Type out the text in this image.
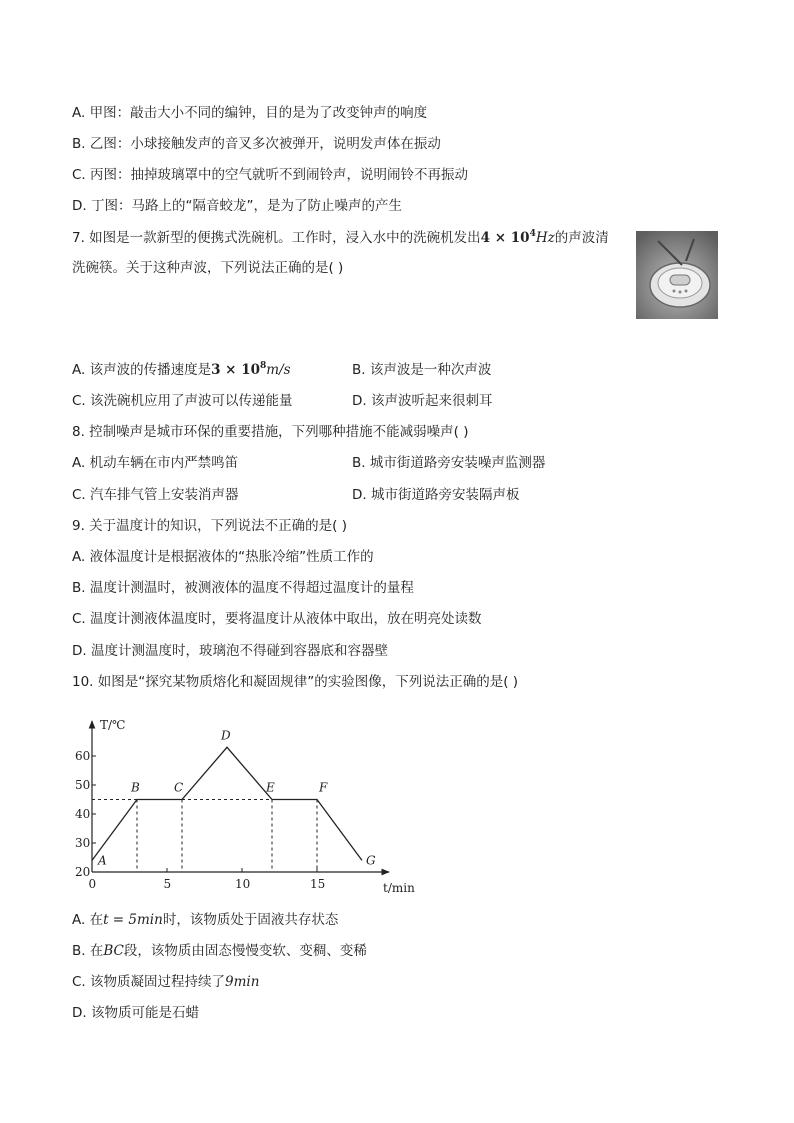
A. 甲图：敲击大小不同的编钟，目的是为了改变钟声的响度
B. 乙图：小球接触发声的音叉多次被弹开，说明发声体在振动
C. 丙图：抽掉玻璃罩中的空气就听不到闹铃声，说明闹铃不再振动
D. 丁图：马路上的“隔音蛟龙”，是为了防止噪声的产生
7. 如图是一款新型的便携式洗碗机。工作时，浸入水中的洗碗机发出$4 \times 10^4Hz$的声波清
洗碗筷。关于这种声波，下列说法正确的是( )
A. 该声波的传播速度是$3 \times 10^8m/s$	B. 该声波是一种次声波
C. 该洗碗机应用了声波可以传递能量	D. 该声波听起来很刺耳
8. 控制噪声是城市环保的重要措施，下列哪种措施不能减弱噪声( )
A. 机动车辆在市内严禁鸣笛	B. 城市街道路旁安装噪声监测器
C. 汽车排气管上安装消声器	D. 城市街道路旁安装隔声板
9. 关于温度计的知识，下列说法不正确的是( )
A. 液体温度计是根据液体的“热胀冷缩”性质工作的
B. 温度计测温时，被测液体的温度不得超过温度计的量程
C. 温度计测液体温度时，要将温度计从液体中取出，放在明亮处读数
D. 温度计测温度时，玻璃泡不得碰到容器底和容器壁
10. 如图是“探究某物质熔化和凝固规律”的实验图像，下列说法正确的是( )
T/℃
t/min
0	5	10	15
20
30
40
50
60
A
B	C
D
E	F
G
A. 在t = 5min时，该物质处于固液共存状态
B. 在BC段，该物质由固态慢慢变软、变稠、变稀
C. 该物质凝固过程持续了9min
D. 该物质可能是石蜡
